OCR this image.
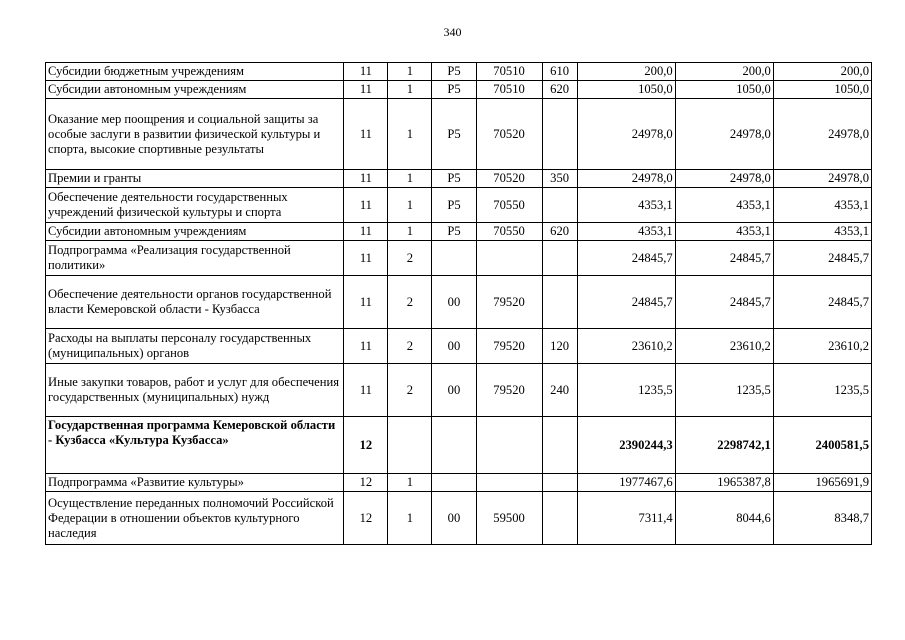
340
Субсидии бюджетным учреждениям	11	1	P5	70510	610	200,0	200,0	200,0
Субсидии автономным учреждениям	11	1	P5	70510	620	1050,0	1050,0	1050,0
Оказание мер поощрения и социальной защиты за особые заслуги в развитии физической культуры и спорта, высокие спортивные результаты	11	1	P5	70520		24978,0	24978,0	24978,0
Премии и гранты	11	1	P5	70520	350	24978,0	24978,0	24978,0
Обеспечение деятельности государственных учреждений физической культуры и спорта	11	1	P5	70550		4353,1	4353,1	4353,1
Субсидии автономным учреждениям	11	1	P5	70550	620	4353,1	4353,1	4353,1
Подпрограмма «Реализация государственной политики»	11	2				24845,7	24845,7	24845,7
Обеспечение деятельности органов государственной власти Кемеровской области - Кузбасса	11	2	00	79520		24845,7	24845,7	24845,7
Расходы на выплаты персоналу государственных (муниципальных) органов	11	2	00	79520	120	23610,2	23610,2	23610,2
Иные закупки товаров, работ и услуг для обеспечения государственных (муниципальных) нужд	11	2	00	79520	240	1235,5	1235,5	1235,5
Государственная программа Кемеровской области - Кузбасса «Культура Кузбасса»	12					2390244,3	2298742,1	2400581,5
Подпрограмма «Развитие культуры»	12	1				1977467,6	1965387,8	1965691,9
Осуществление переданных полномочий Российской Федерации в отношении объектов культурного наследия	12	1	00	59500		7311,4	8044,6	8348,7
